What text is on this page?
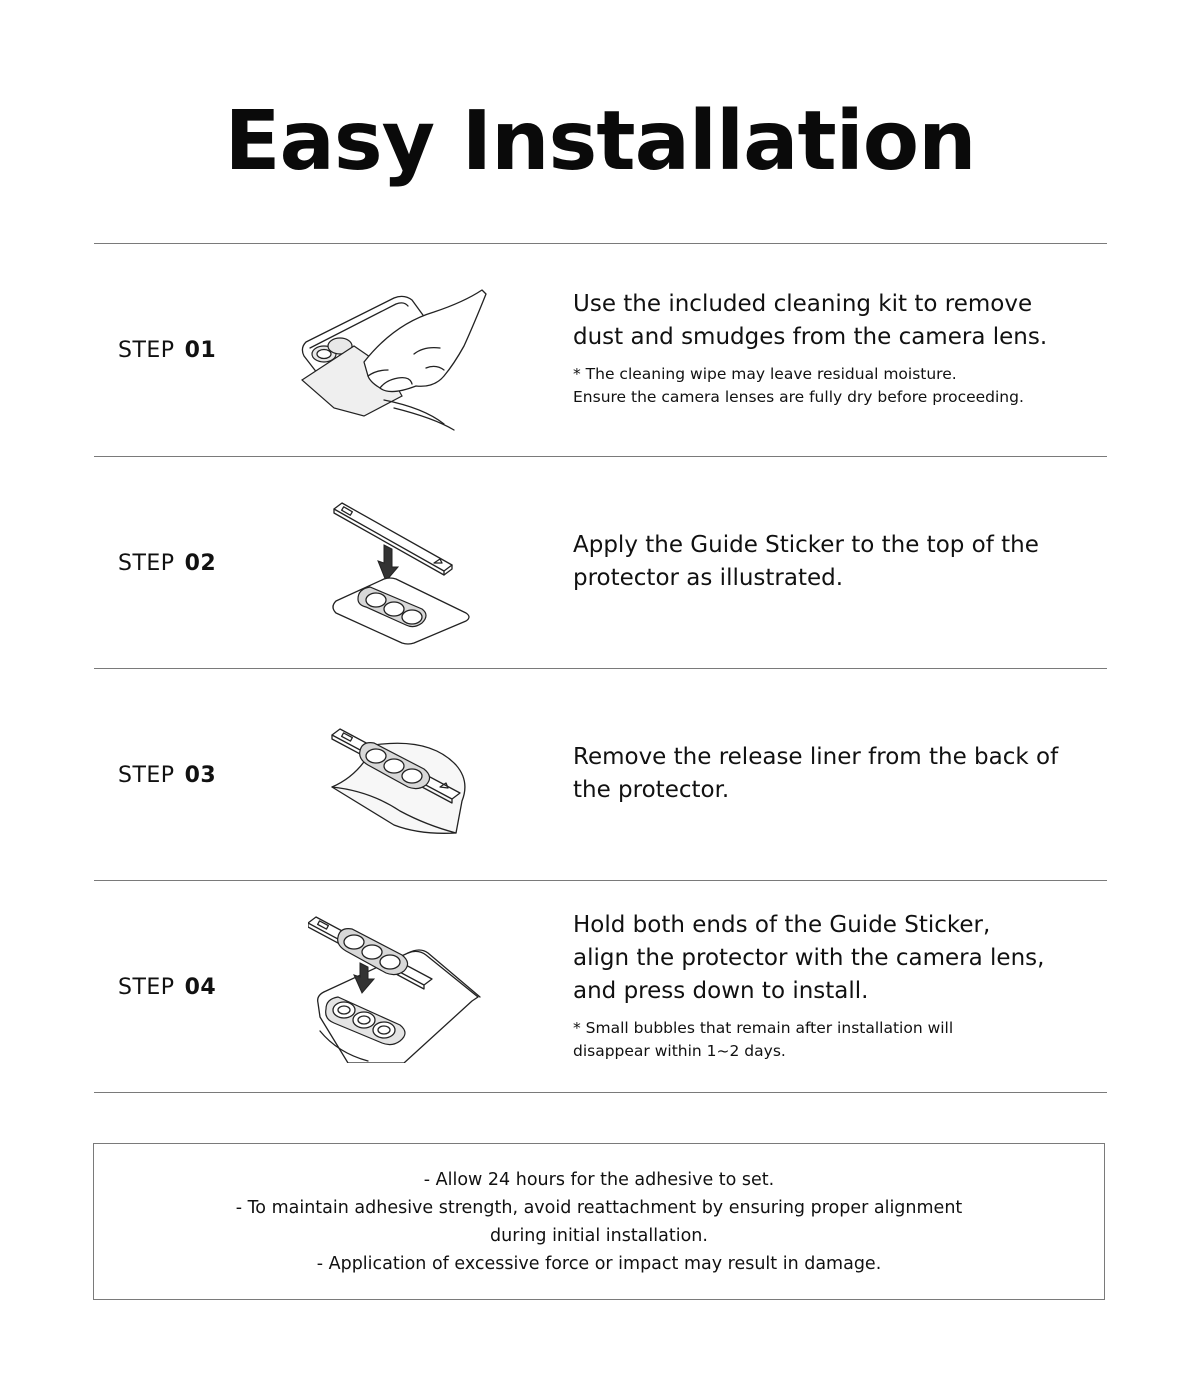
Easy Installation
STEP 01
Use the included cleaning kit to remove
dust and smudges from the camera lens.
* The cleaning wipe may leave residual moisture.
Ensure the camera lenses are fully dry before proceeding.
STEP 02
Apply the Guide Sticker to the top of the
protector as illustrated.
STEP 03
Remove the release liner from the back of
the protector.
STEP 04
Hold both ends of the Guide Sticker,
align the protector with the camera lens,
and press down to install.
* Small bubbles that remain after installation will
disappear within 1~2 days.
- Allow 24 hours for the adhesive to set.
- To maintain adhesive strength, avoid reattachment by ensuring proper alignment
during initial installation.
- Application of excessive force or impact may result in damage.
